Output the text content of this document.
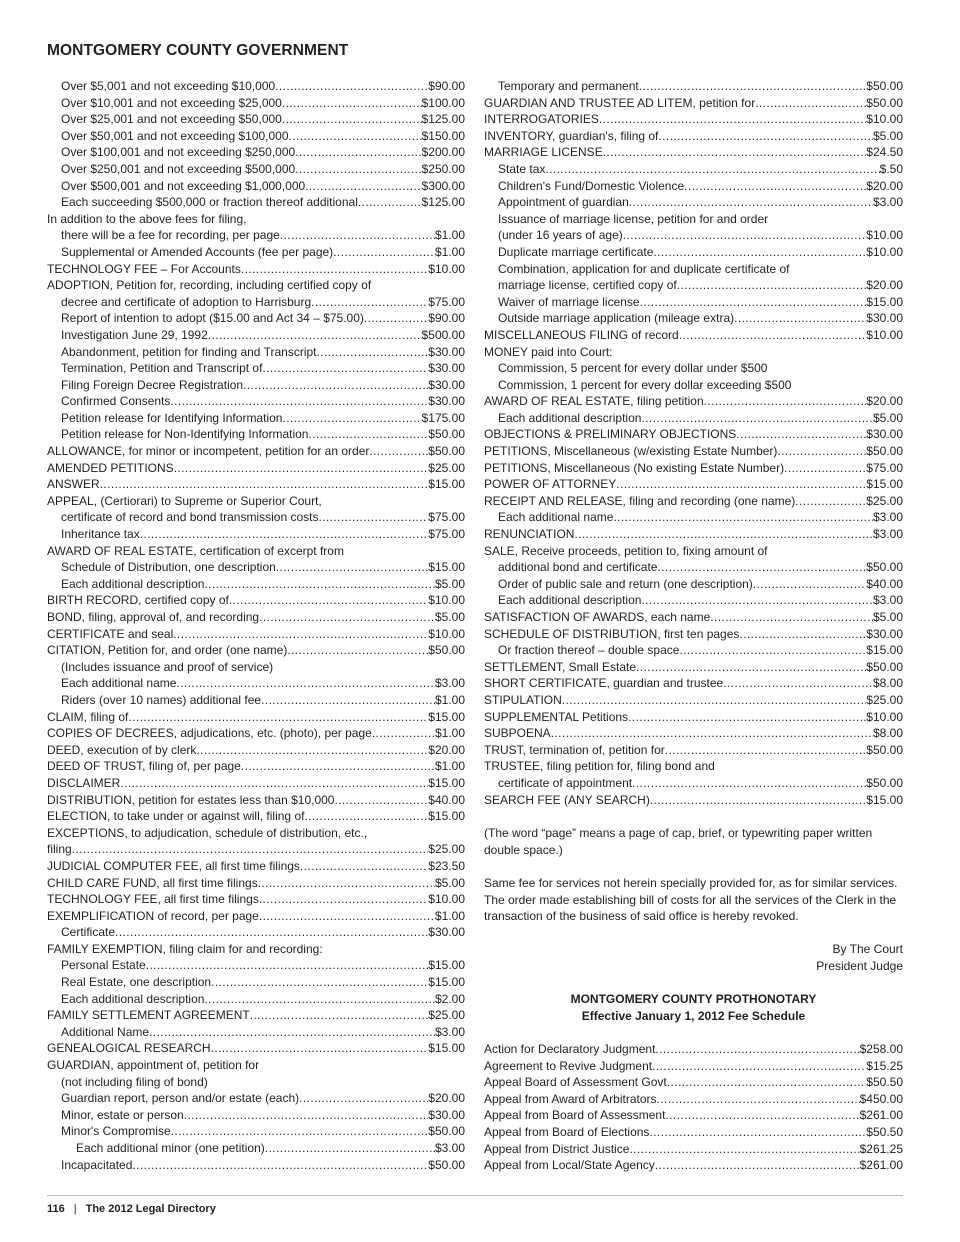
MONTGOMERY COUNTY GOVERNMENT
Over $5,001 and not exceeding $10,000 .....	$90.00
Over $10,001 and not exceeding $25,000 .....	$100.00
Over $25,001 and not exceeding $50,000 .....	$125.00
Over $50,001 and not exceeding $100,000 .....	$150.00
Over $100,001 and not exceeding $250,000 .....	$200.00
Over $250,001 and not exceeding $500,000 .....	$250.00
Over $500,001 and not exceeding $1,000,000 .....	$300.00
Each succeeding $500,000 or fraction thereof additional .....	$125.00
In addition to the above fees for filing,
there will be a fee for recording, per page .....	$1.00
Supplemental or Amended Accounts (fee per page) .....	$1.00
TECHNOLOGY FEE – For Accounts .....	$10.00
ADOPTION, Petition for, recording, including certified copy of
decree and certificate of adoption to Harrisburg .....	$75.00
Report of intention to adopt ($15.00 and Act 34 – $75.00) .....	$90.00
Investigation June 29, 1992 .....	$500.00
Abandonment, petition for finding and Transcript .....	$30.00
Termination, Petition and Transcript of .....	$30.00
Filing Foreign Decree Registration .....	$30.00
Confirmed Consents .....	$30.00
Petition release for Identifying Information .....	$175.00
Petition release for Non-Identifying Information .....	$50.00
ALLOWANCE, for minor or incompetent, petition for an order .....	$50.00
AMENDED PETITIONS .....	$25.00
ANSWER .....	$15.00
APPEAL, (Certiorari) to Supreme or Superior Court,
certificate of record and bond transmission costs .....	$75.00
Inheritance tax .....	$75.00
AWARD OF REAL ESTATE, certification of excerpt from
Schedule of Distribution, one description .....	$15.00
Each additional description .....	$5.00
BIRTH RECORD, certified copy of .....	$10.00
BOND, filing, approval of, and recording .....	$5.00
CERTIFICATE and seal .....	$10.00
CITATION, Petition for, and order (one name) .....	$50.00
(Includes issuance and proof of service)
Each additional name .....	$3.00
Riders (over 10 names) additional fee .....	$1.00
CLAIM, filing of .....	$15.00
COPIES OF DECREES, adjudications, etc. (photo), per page .....	$1.00
DEED, execution of by clerk .....	$20.00
DEED OF TRUST, filing of, per page .....	$1.00
DISCLAIMER .....	$15.00
DISTRIBUTION, petition for estates less than $10,000 .....	$40.00
ELECTION, to take under or against will, filing of .....	$15.00
EXCEPTIONS, to adjudication, schedule of distribution, etc.,
filing .....	$25.00
JUDICIAL COMPUTER FEE, all first time filings .....	$23.50
CHILD CARE FUND, all first time filings .....	$5.00
TECHNOLOGY FEE, all first time filings .....	$10.00
EXEMPLIFICATION of record, per page .....	$1.00
Certificate .....	$30.00
FAMILY EXEMPTION, filing claim for and recording:
Personal Estate .....	$15.00
Real Estate, one description .....	$15.00
Each additional description .....	$2.00
FAMILY SETTLEMENT AGREEMENT .....	$25.00
Additional Name .....	$3.00
GENEALOGICAL RESEARCH .....	$15.00
GUARDIAN, appointment of, petition for
(not including filing of bond)
Guardian report, person and/or estate (each) .....	$20.00
Minor, estate or person .....	$30.00
Minor's Compromise .....	$50.00
Each additional minor (one petition) .....	$3.00
Incapacitated .....	$50.00
Temporary and permanent .....	$50.00
GUARDIAN AND TRUSTEE AD LITEM, petition for .....	$50.00
INTERROGATORIES .....	$10.00
INVENTORY, guardian's, filing of .....	$5.00
MARRIAGE LICENSE .....	$24.50
State tax .....	$.50
Children's Fund/Domestic Violence .....	$20.00
Appointment of guardian .....	$3.00
Issuance of marriage license, petition for and order
(under 16 years of age) .....	$10.00
Duplicate marriage certificate .....	$10.00
Combination, application for and duplicate certificate of
marriage license, certified copy of .....	$20.00
Waiver of marriage license .....	$15.00
Outside marriage application (mileage extra) .....	$30.00
MISCELLANEOUS FILING of record .....	$10.00
MONEY paid into Court:
Commission, 5 percent for every dollar under $500
Commission, 1 percent for every dollar exceeding $500
AWARD OF REAL ESTATE, filing petition .....	$20.00
Each additional description .....	$5.00
OBJECTIONS & PRELIMINARY OBJECTIONS .....	$30.00
PETITIONS, Miscellaneous (w/existing Estate Number) .....	$50.00
PETITIONS, Miscellaneous (No existing Estate Number) .....	$75.00
POWER OF ATTORNEY .....	$15.00
RECEIPT AND RELEASE, filing and recording (one name) .....	$25.00
Each additional name .....	$3.00
RENUNCIATION .....	$3.00
SALE, Receive proceeds, petition to, fixing amount of
additional bond and certificate .....	$50.00
Order of public sale and return (one description) .....	$40.00
Each additional description .....	$3.00
SATISFACTION OF AWARDS, each name .....	$5.00
SCHEDULE OF DISTRIBUTION, first ten pages .....	$30.00
Or fraction thereof – double space .....	$15.00
SETTLEMENT, Small Estate .....	$50.00
SHORT CERTIFICATE, guardian and trustee .....	$8.00
STIPULATION .....	$25.00
SUPPLEMENTAL Petitions .....	$10.00
SUBPOENA .....	$8.00
TRUST, termination of, petition for .....	$50.00
TRUSTEE, filing petition for, filing bond and
certificate of appointment .....	$50.00
SEARCH FEE (ANY SEARCH) .....	$15.00

(The word “page” means a page of cap, brief, or typewriting paper written double space.)

Same fee for services not herein specially provided for, as for similar services. The order made establishing bill of costs for all the services of the Clerk in the transaction of the business of said office is hereby revoked.

By The Court
President Judge
MONTGOMERY COUNTY PROTHONOTARY
Effective January 1, 2012 Fee Schedule
Action for Declaratory Judgment .....	$258.00
Agreement to Revive Judgment .....	$15.25
Appeal Board of Assessment Govt .....	$50.50
Appeal from Award of Arbitrators .....	$450.00
Appeal from Board of Assessment .....	$261.00
Appeal from Board of Elections .....	$50.50
Appeal from District Justice .....	$261.25
Appeal from Local/State Agency .....	$261.00
116 | The 2012 Legal Directory
